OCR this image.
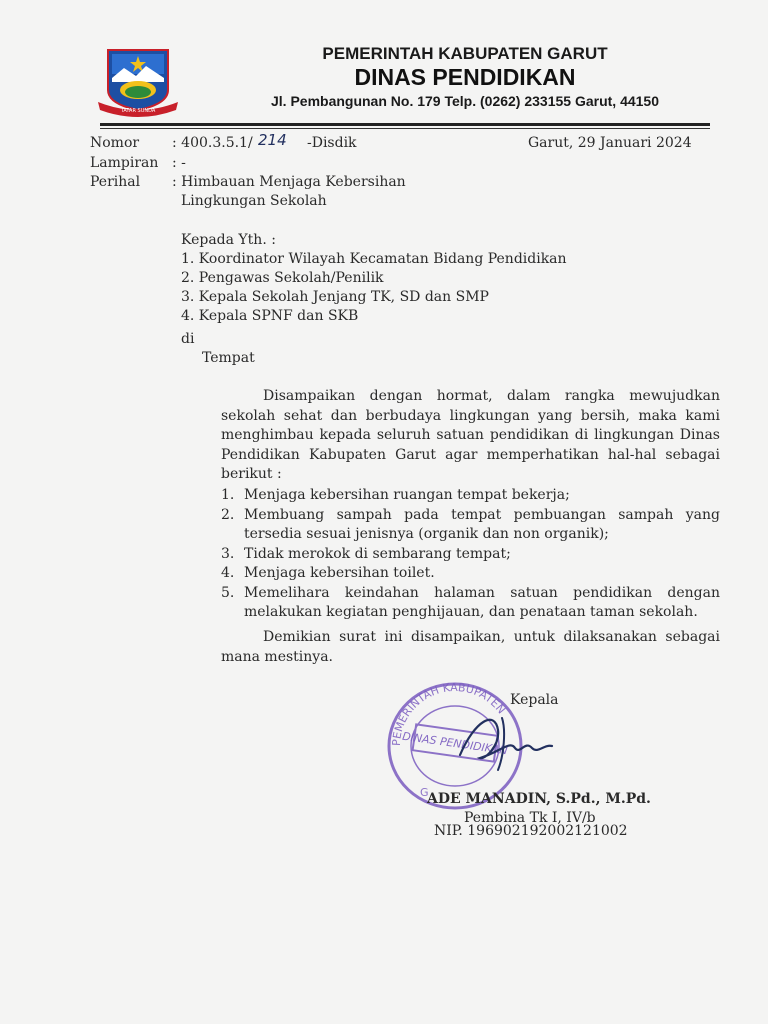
TATAR SUNDA
PEMERINTAH KABUPATEN GARUT
DINAS PENDIDIKAN
Jl. Pembangunan No. 179 Telp. (0262) 233155 Garut, 44150
Nomor : 400.3.5.1/ 214 -Disdik	Garut, 29 Januari 2024
Lampiran : -
Perihal : Himbauan Menjaga Kebersihan
Lingkungan Sekolah
Kepada Yth. :
1. Koordinator Wilayah Kecamatan Bidang Pendidikan
2. Pengawas Sekolah/Penilik
3. Kepala Sekolah Jenjang TK, SD dan SMP
4. Kepala SPNF dan SKB
di
Tempat
Disampaikan dengan hormat, dalam rangka mewujudkan sekolah sehat dan berbudaya lingkungan yang bersih, maka kami menghimbau kepada seluruh satuan pendidikan di lingkungan Dinas Pendidikan Kabupaten Garut agar memperhatikan hal-hal sebagai berikut :
1. Menjaga kebersihan ruangan tempat bekerja;
2. Membuang sampah pada tempat pembuangan sampah yang tersedia sesuai jenisnya (organik dan non organik);
3. Tidak merokok di sembarang tempat;
4. Menjaga kebersihan toilet.
5. Memelihara keindahan halaman satuan pendidikan dengan melakukan kegiatan penghijauan, dan penataan taman sekolah.
Demikian surat ini disampaikan, untuk dilaksanakan sebagai mana mestinya.
PEMERINTAH KABUPATEN
DINAS PENDIDIKAN
G
Kepala
ADE MANADIN, S.Pd., M.Pd.
Pembina Tk I, IV/b
NIP. 196902192002121002
